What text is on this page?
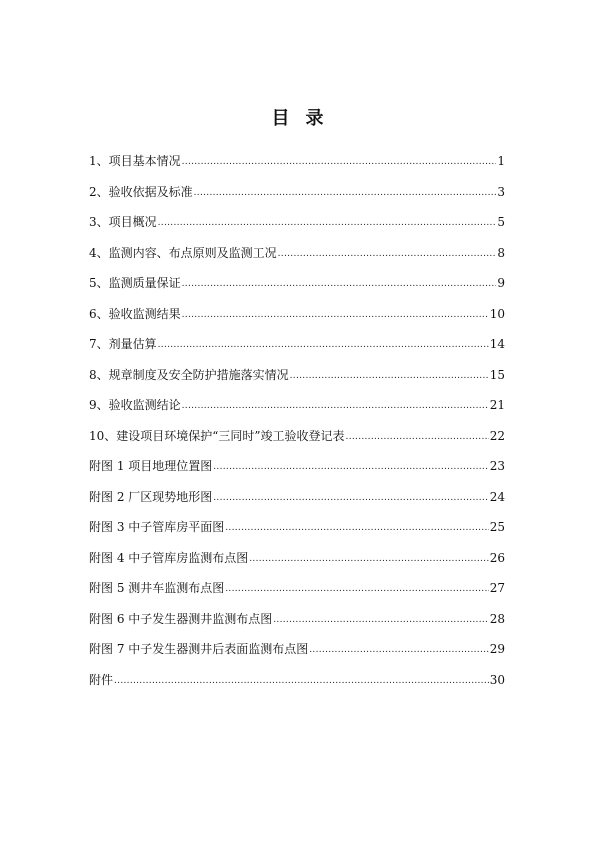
目 录
1、项目基本情况 .....	1
2、验收依据及标准 .....	3
3、项目概况 .....	5
4、监测内容、布点原则及监测工况 .....	8
5、监测质量保证 .....	9
6、验收监测结果 .....	10
7、剂量估算 .....	14
8、规章制度及安全防护措施落实情况 .....	15
9、验收监测结论 .....	21
10、建设项目环境保护“三同时”竣工验收登记表 .....	22
附图 1 项目地理位置图 .....	23
附图 2 厂区现势地形图 .....	24
附图 3 中子管库房平面图 .....	25
附图 4 中子管库房监测布点图 .....	26
附图 5 测井车监测布点图 .....	27
附图 6 中子发生器测井监测布点图 .....	28
附图 7 中子发生器测井后表面监测布点图 .....	29
附件 .....	30
